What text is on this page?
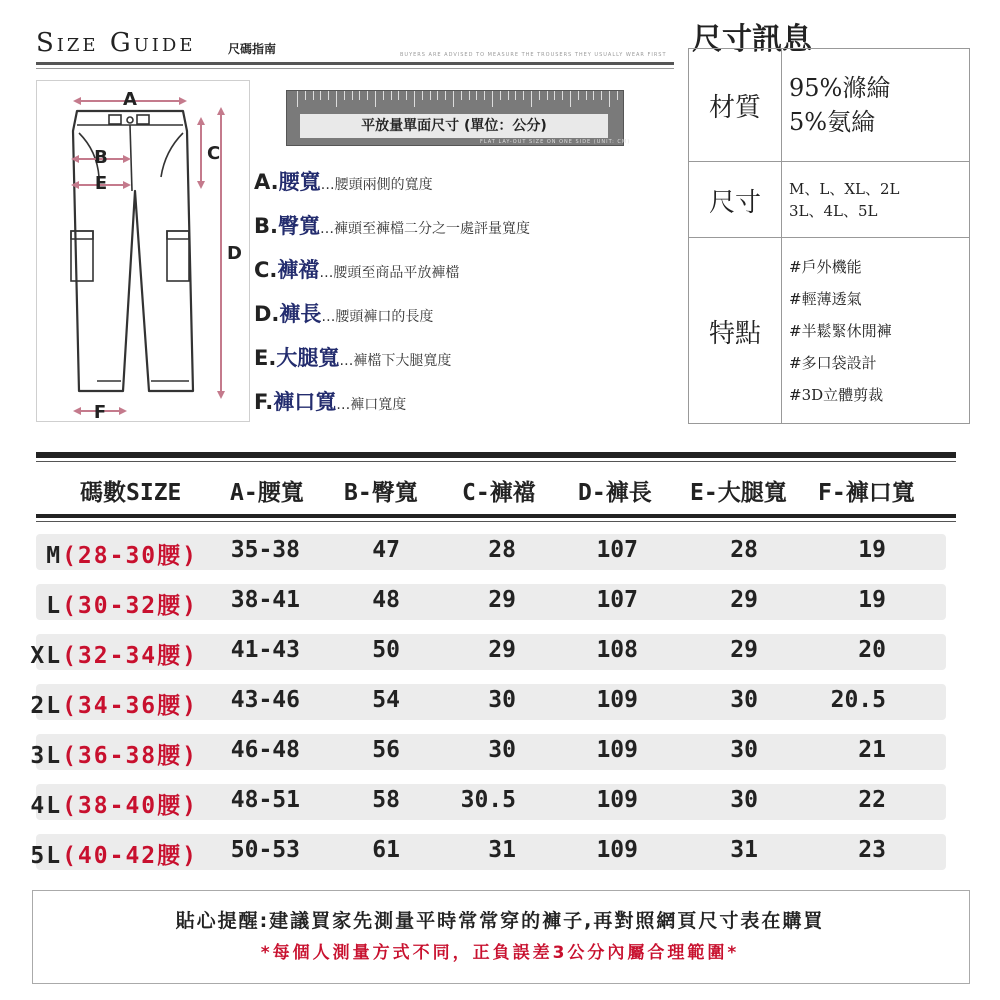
Size Guide	尺碼指南	BUYERS ARE ADVISED TO MEASURE THE TROUSERS THEY USUALLY WEAR FIRST
A
B	C
D
E
F
平放量單面尺寸 (單位：公分)
FLAT LAY-OUT SIZE ON ONE SIDE (UNIT: CM)
A.腰寬…腰頭兩側的寬度
B.臀寬…褲頭至褲檔二分之一處評量寬度
C.褲襠…腰頭至商品平放褲檔
D.褲長…腰頭褲口的長度
E.大腿寬…褲檔下大腿寬度
F.褲口寬…褲口寬度
尺寸訊息
材質
95%滌綸
5%氨綸
尺寸	M、L、XL、2L
3L、4L、5L
特點
#戶外機能
#輕薄透氣
#半鬆緊休閒褲
#多口袋設計
#3D立體剪裁
碼數SIZE A-腰寬 B-臀寬 C-褲襠 D-褲長 E-大腿寬 F-褲口寬
M(28-30腰) 35-38	47	28	107	28	19
L(30-32腰) 38-41	48	29	107	29	19
XL(32-34腰) 41-43	50	29	108	29	20
2L(34-36腰) 43-46	54	30	109	30	20.5
3L(36-38腰) 46-48	56	30	109	30	21
4L(38-40腰) 48-51	58	30.5	109	30	22
5L(40-42腰) 50-53	61	31	109	31	23
貼心提醒:建議買家先測量平時常常穿的褲子,再對照網頁尺寸表在購買
*每個人測量方式不同，正負誤差3公分內屬合理範圍*
